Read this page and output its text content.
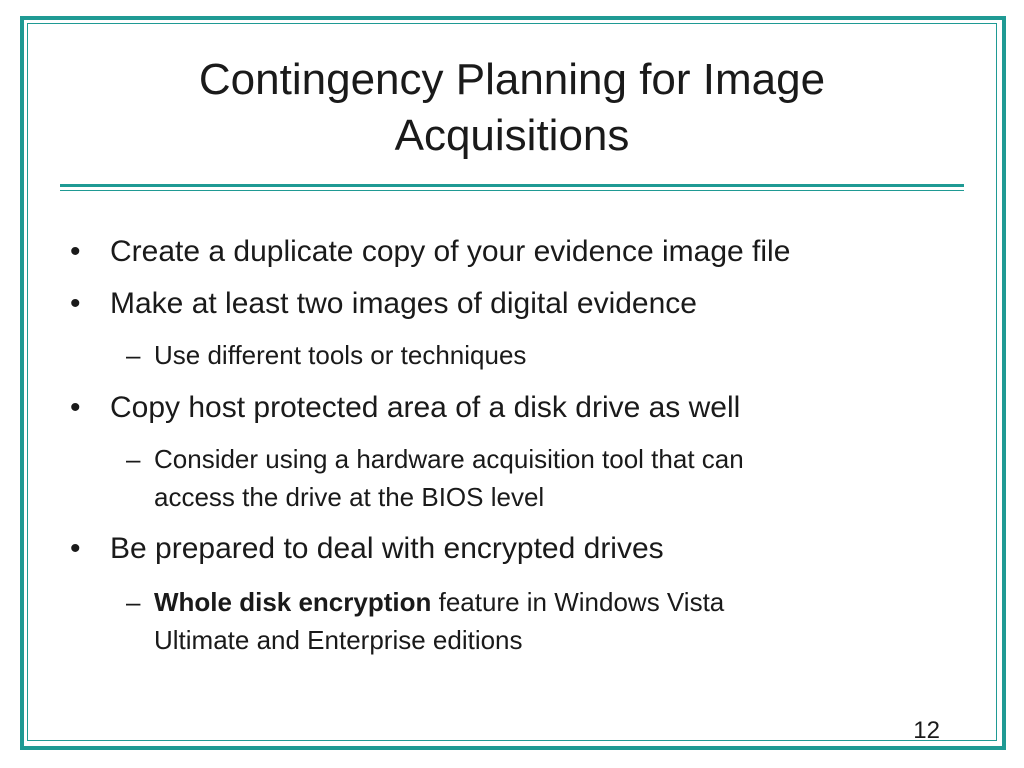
Contingency Planning for Image
Acquisitions
• Create a duplicate copy of your evidence image file
• Make at least two images of digital evidence
– Use different tools or techniques
• Copy host protected area of a disk drive as well
– Consider using a hardware acquisition tool that can
access the drive at the BIOS level
• Be prepared to deal with encrypted drives
– Whole disk encryption feature in Windows Vista
Ultimate and Enterprise editions
12
